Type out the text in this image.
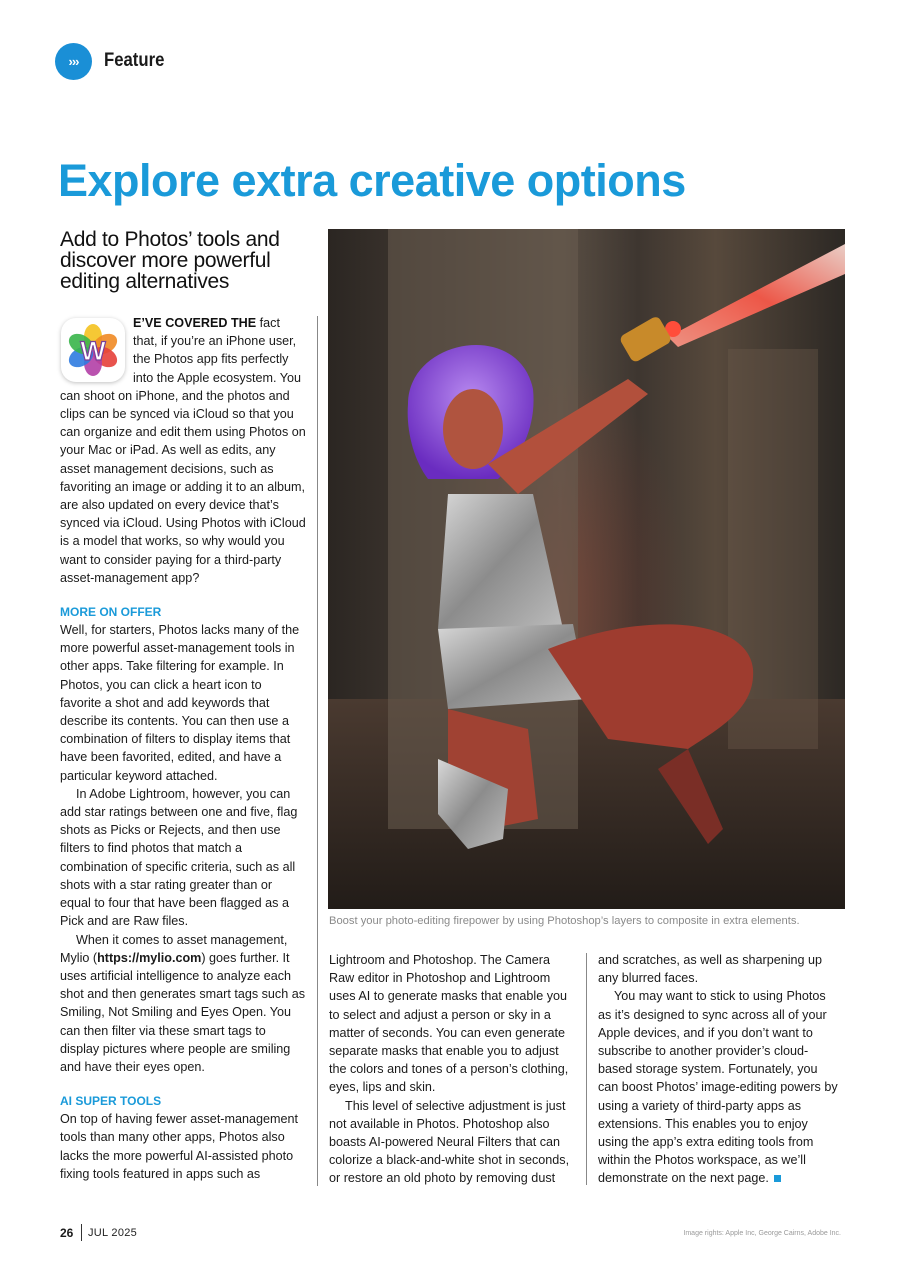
›››	Feature
Explore extra creative options
Add to Photos’ tools and discover more powerful editing alternatives
W

E’VE COVERED THE fact that, if you’re an iPhone user, the Photos app fits perfectly into the Apple ecosystem. You can shoot on iPhone, and the photos and clips can be synced via iCloud so that you can organize and edit them using Photos on your Mac or iPad. As well as edits, any asset management decisions, such as favoriting an image or adding it to an album, are also updated on every device that’s synced via iCloud. Using Photos with iCloud is a model that works, so why would you want to consider paying for a third-party asset-management app?

MORE ON OFFER

Well, for starters, Photos lacks many of the more powerful asset-management tools in other apps. Take filtering for example. In Photos, you can click a heart icon to favorite a shot and add keywords that describe its contents. You can then use a combination of filters to display items that have been favorited, edited, and have a particular keyword attached.

In Adobe Lightroom, however, you can add star ratings between one and five, flag shots as Picks or Rejects, and then use filters to find photos that match a combination of specific criteria, such as all shots with a star rating greater than or equal to four that have been flagged as a Pick and are Raw files.

When it comes to asset management, Mylio (https://mylio.com) goes further. It uses artificial intelligence to analyze each shot and then generates smart tags such as Smiling, Not Smiling and Eyes Open. You can then filter via these smart tags to display pictures where people are smiling and have their eyes open.

AI SUPER TOOLS

On top of having fewer asset-management tools than many other apps, Photos also lacks the more powerful AI-assisted photo fixing tools featured in apps such as

Boost your photo-editing firepower by using Photoshop’s layers to composite in extra elements.

Lightroom and Photoshop. The Camera Raw editor in Photoshop and Lightroom uses AI to generate masks that enable you to select and adjust a person or sky in a matter of seconds. You can even generate separate masks that enable you to adjust the colors and tones of a person’s clothing, eyes, lips and skin.

This level of selective adjustment is just not available in Photos. Photoshop also boasts AI-powered Neural Filters that can colorize a black-and-white shot in seconds, or restore an old photo by removing dust

and scratches, as well as sharpening up any blurred faces.

You may want to stick to using Photos as it’s designed to sync across all of your Apple devices, and if you don’t want to subscribe to another provider’s cloud-based storage system. Fortunately, you can boost Photos’ image-editing powers by using a variety of third-party apps as extensions. This enables you to enjoy using the app’s extra editing tools from within the Photos workspace, as we’ll demonstrate on the next page.

26 JUL 2025	Image rights: Apple Inc, George Cairns, Adobe Inc.
